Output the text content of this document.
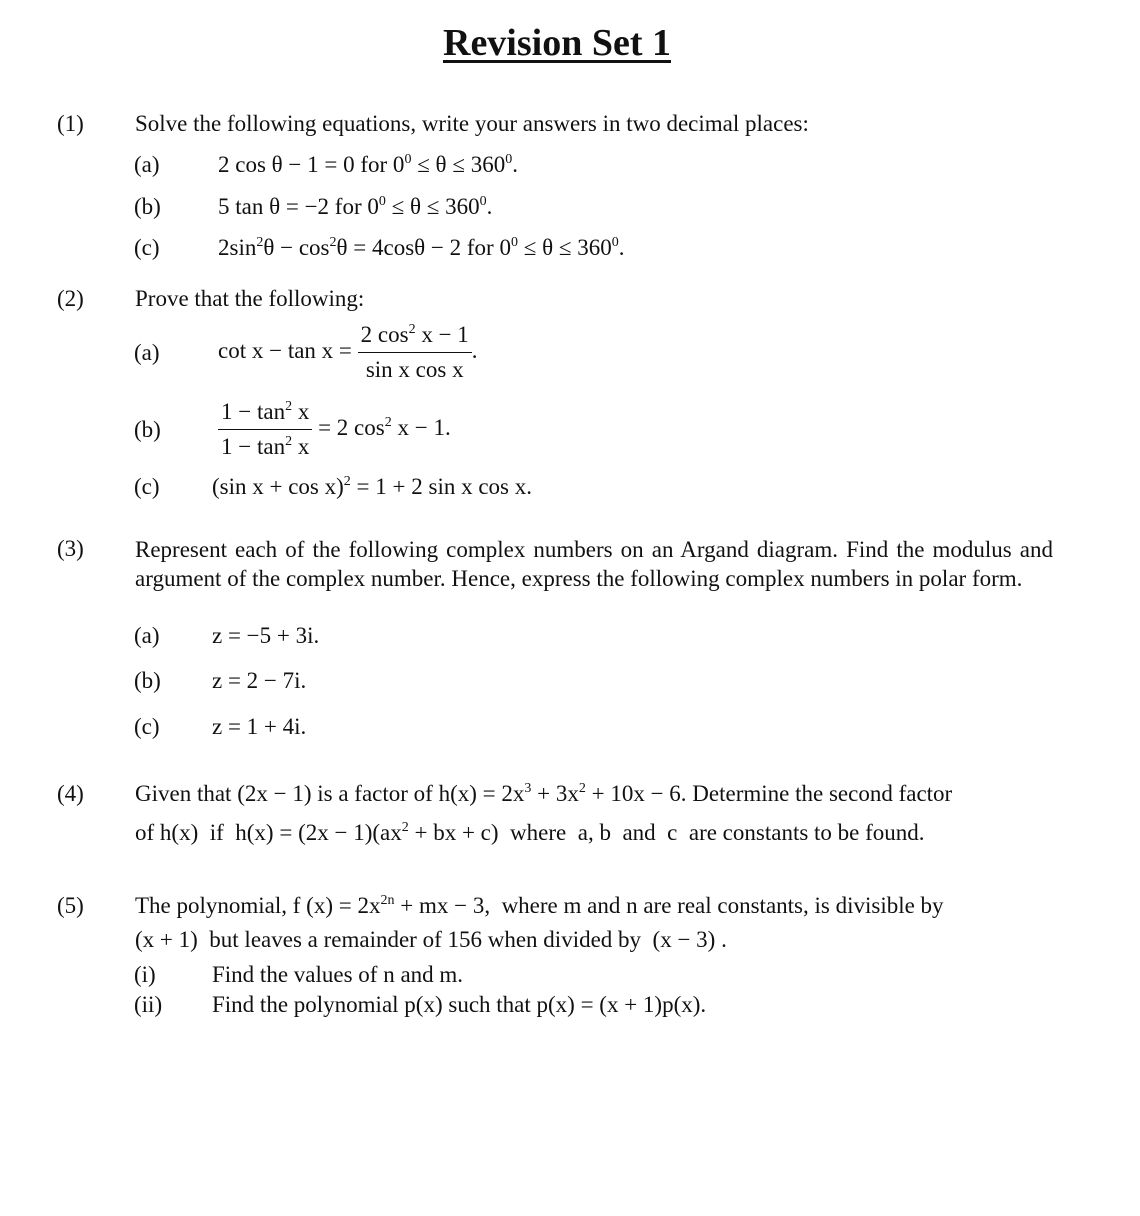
Revision Set 1
(1) Solve the following equations, write your answers in two decimal places:
(a)	2 cos θ − 1 = 0 for $0^0 \le \theta \le 360^0$.
(b) 5 tan θ = −2 for $0^0 \le \theta \le 360^0$.
(c)	$2\sin^2\theta - \cos^2\theta = 4\cos\theta - 2$ for $0^0 \le \theta \le 360^0$.
(2) Prove that the following:
(a)	$\cot x - \tan x = \frac{2 \cos^2 x - 1}{\text{sin x cos x}}$ .
$(b) \frac{1 - \tan^2 x}{1 - \tan^2 x} = 2$ $\cos^2 x - 1$.
(c) (sin x + cos x)$^2$ = 1 + 2 sin x cos x.
(3) Represent each of the following complex numbers on an Argand diagram. Find the modulus and argument of the complex number. Hence, express the following complex numbers in polar form.
(a) z = −5 + 3i.
(b) z = 2 − 7i.
(c) z = 1 + 4i.
(4) Given that (2x − 1) is a factor of $h(x) = 2x^3 + 3x^2 + 10x - 6$. Determine the second factor
of h(x)  if  $h(x) = (2x - 1)(ax^2$ + bx + c)  where  a, b  and  c  are constants to be found.
(5) The polynomial, f $(x) = 2x^{2n}$ + mx − 3,  where m and n are real constants, is divisible by
(x + 1)  but leaves a remainder of 156 when divided by  (x − 3) .
(i) Find the values of n and m.
(ii) Find the polynomial p(x) such that p(x) = (x + 1)p(x).
